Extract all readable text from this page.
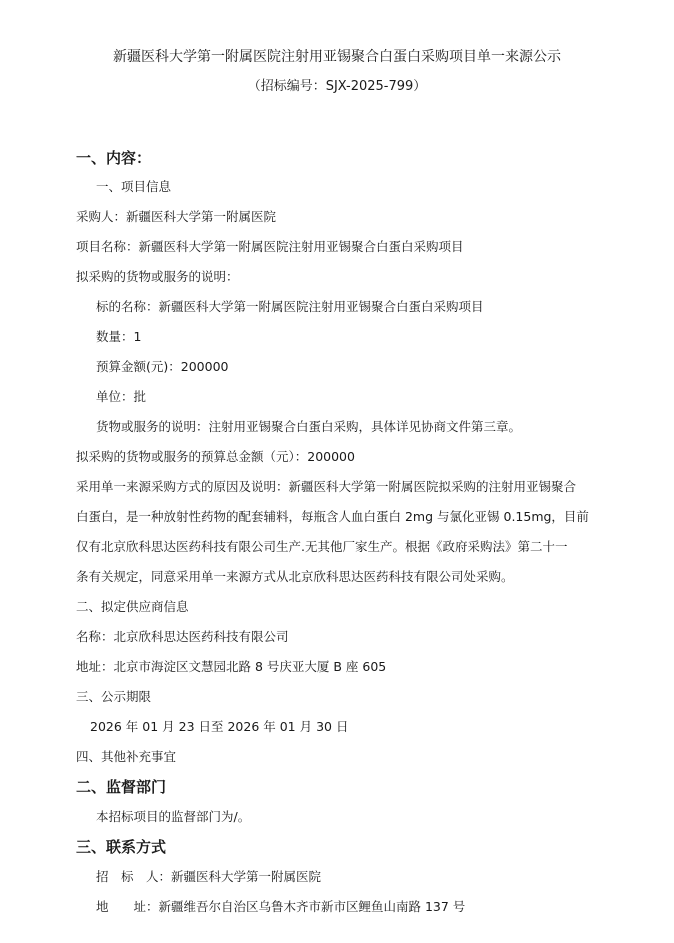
新疆医科大学第一附属医院注射用亚锡聚合白蛋白采购项目单一来源公示
（招标编号：SJX-2025-799）
一、内容：
一、项目信息
采购人：新疆医科大学第一附属医院
项目名称：新疆医科大学第一附属医院注射用亚锡聚合白蛋白采购项目
拟采购的货物或服务的说明：
标的名称：新疆医科大学第一附属医院注射用亚锡聚合白蛋白采购项目
数量：1
预算金额(元)：200000
单位：批
货物或服务的说明：注射用亚锡聚合白蛋白采购，具体详见协商文件第三章。
拟采购的货物或服务的预算总金额（元）：200000
采用单一来源采购方式的原因及说明：新疆医科大学第一附属医院拟采购的注射用亚锡聚合
白蛋白，是一种放射性药物的配套辅料，每瓶含人血白蛋白 2mg 与氯化亚锡 0.15mg，目前
仅有北京欣科思达医药科技有限公司生产.无其他厂家生产。根据《政府采购法》第二十一
条有关规定，同意采用单一来源方式从北京欣科思达医药科技有限公司处采购。
二、拟定供应商信息
名称：北京欣科思达医药科技有限公司
地址：北京市海淀区文慧园北路 8 号庆亚大厦 B 座 605
三、公示期限
2026 年 01 月 23 日至 2026 年 01 月 30 日
四、其他补充事宜
二、监督部门
本招标项目的监督部门为/。
三、联系方式
招　标　人：新疆医科大学第一附属医院
地　　址：新疆维吾尔自治区乌鲁木齐市新市区鲤鱼山南路 137 号
